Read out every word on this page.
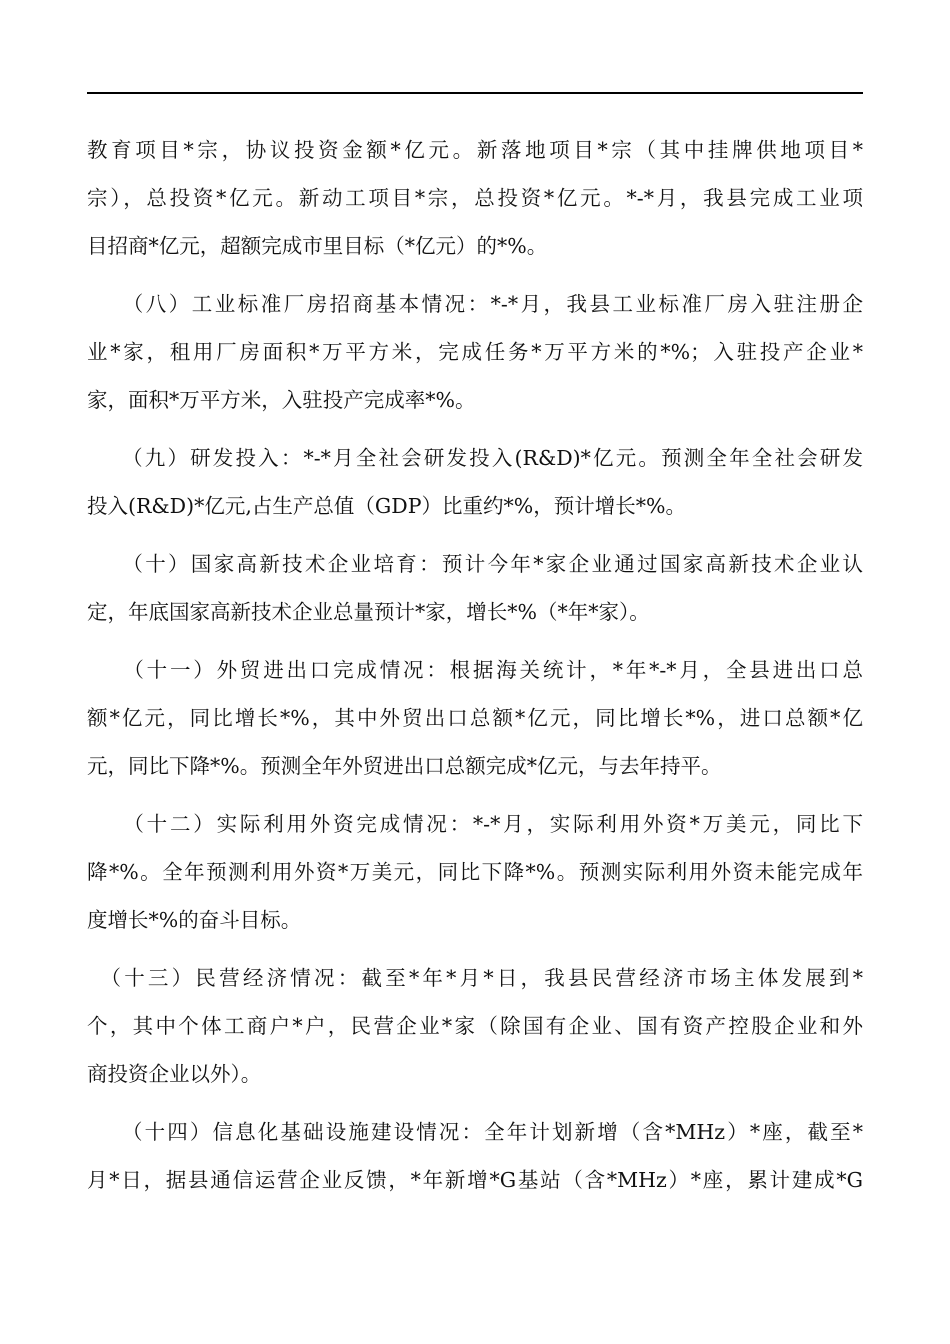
教育项目*宗，协议投资金额*亿元。新落地项目*宗（其中挂牌供地项目*
宗），总投资*亿元。新动工项目*宗，总投资*亿元。*-*月，我县完成工业项
目招商*亿元，超额完成市里目标（*亿元）的*%。
　　（八）工业标准厂房招商基本情况：*-*月，我县工业标准厂房入驻注册企
业*家，租用厂房面积*万平方米，完成任务*万平方米的*%；入驻投产企业*
家，面积*万平方米，入驻投产完成率*%。
　　（九）研发投入：*-*月全社会研发投入(R&D)*亿元。预测全年全社会研发
投入(R&D)*亿元,占生产总值（GDP）比重约*%，预计增长*%。
　　（十）国家高新技术企业培育：预计今年*家企业通过国家高新技术企业认
定，年底国家高新技术企业总量预计*家，增长*%（*年*家）。
　　（十一）外贸进出口完成情况：根据海关统计，*年*-*月，全县进出口总
额*亿元，同比增长*%，其中外贸出口总额*亿元，同比增长*%，进口总额*亿
元，同比下降*%。预测全年外贸进出口总额完成*亿元，与去年持平。
　　（十二）实际利用外资完成情况：*-*月，实际利用外资*万美元，同比下
降*%。全年预测利用外资*万美元，同比下降*%。预测实际利用外资未能完成年
度增长*%的奋斗目标。
　（十三）民营经济情况：截至*年*月*日，我县民营经济市场主体发展到*
个，其中个体工商户*户，民营企业*家（除国有企业、国有资产控股企业和外
商投资企业以外）。
　　（十四）信息化基础设施建设情况：全年计划新增（含*MHz）*座，截至*
月*日，据县通信运营企业反馈，*年新增*G基站（含*MHz）*座，累计建成*G
